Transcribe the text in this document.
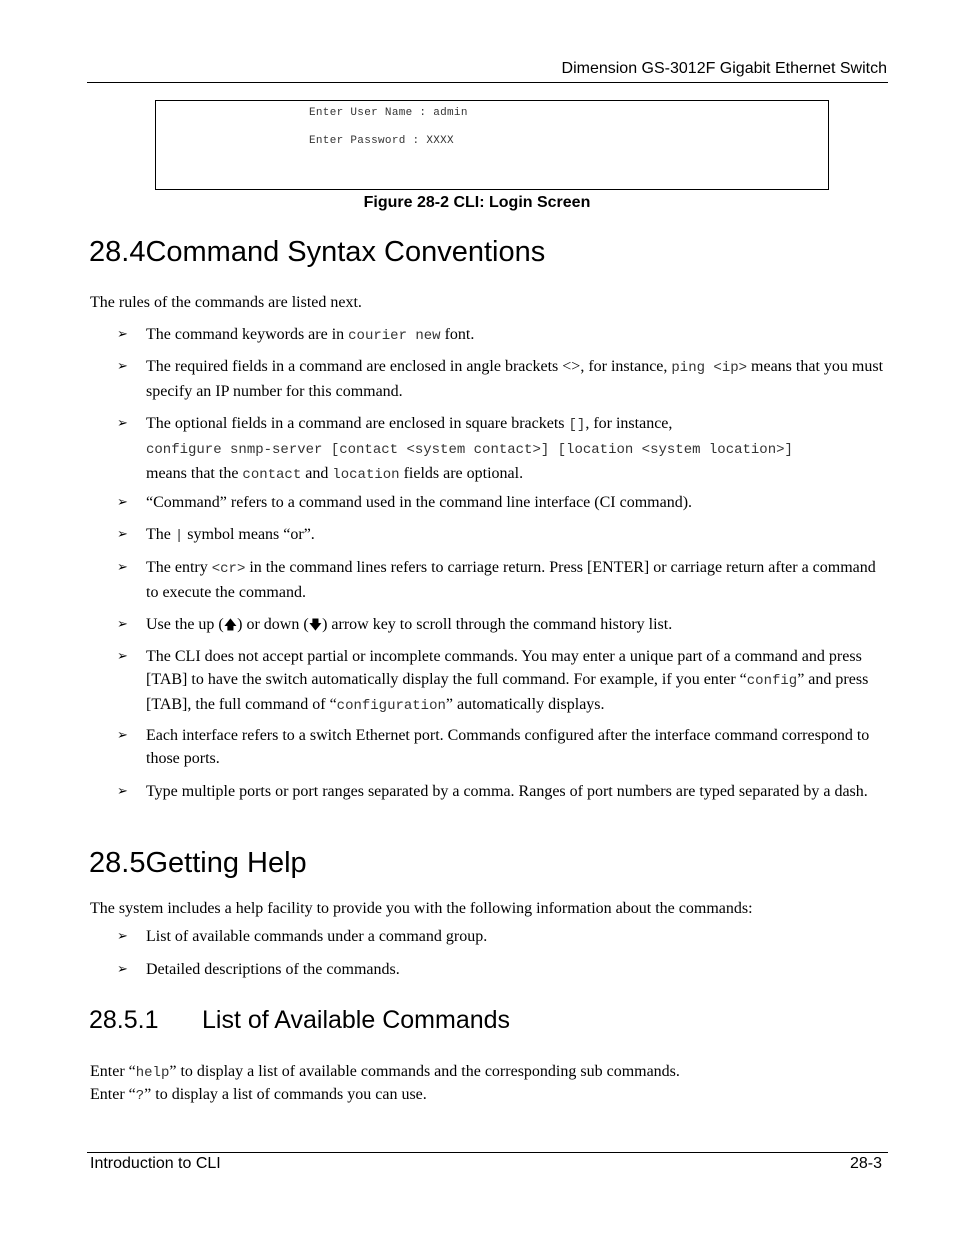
Dimension GS-3012F Gigabit Ethernet Switch
Enter User Name : admin
Enter Password : XXXX
Figure 28-2 CLI: Login Screen
28.4Command Syntax Conventions
The rules of the commands are listed next.
➢ The command keywords are in courier new font.
➢ The required fields in a command are enclosed in angle brackets <>, for instance, ping <ip> means that you must specify an IP number for this command.
➢ The optional fields in a command are enclosed in square brackets [], for instance,
configure snmp-server [contact <system contact>] [location <system location>]
means that the contact and location fields are optional.
➢ “Command” refers to a command used in the command line interface (CI command).
➢ The | symbol means “or”.
➢ The entry <cr> in the command lines refers to carriage return. Press [ENTER] or carriage return after a command to execute the command.
➢ Use the up (🡅) or down (🡇) arrow key to scroll through the command history list.
➢ The CLI does not accept partial or incomplete commands. You may enter a unique part of a command and press [TAB] to have the switch automatically display the full command. For example, if you enter “config” and press [TAB], the full command of “configuration” automatically displays.
➢ Each interface refers to a switch Ethernet port. Commands configured after the interface command correspond to those ports.
➢ Type multiple ports or port ranges separated by a comma. Ranges of port numbers are typed separated by a dash.
28.5Getting Help
The system includes a help facility to provide you with the following information about the commands:
➢ List of available commands under a command group.
➢ Detailed descriptions of the commands.
28.5.1 List of Available Commands
Enter “help” to display a list of available commands and the corresponding sub commands.
Enter “?” to display a list of commands you can use.
Introduction to CLI	28-3
